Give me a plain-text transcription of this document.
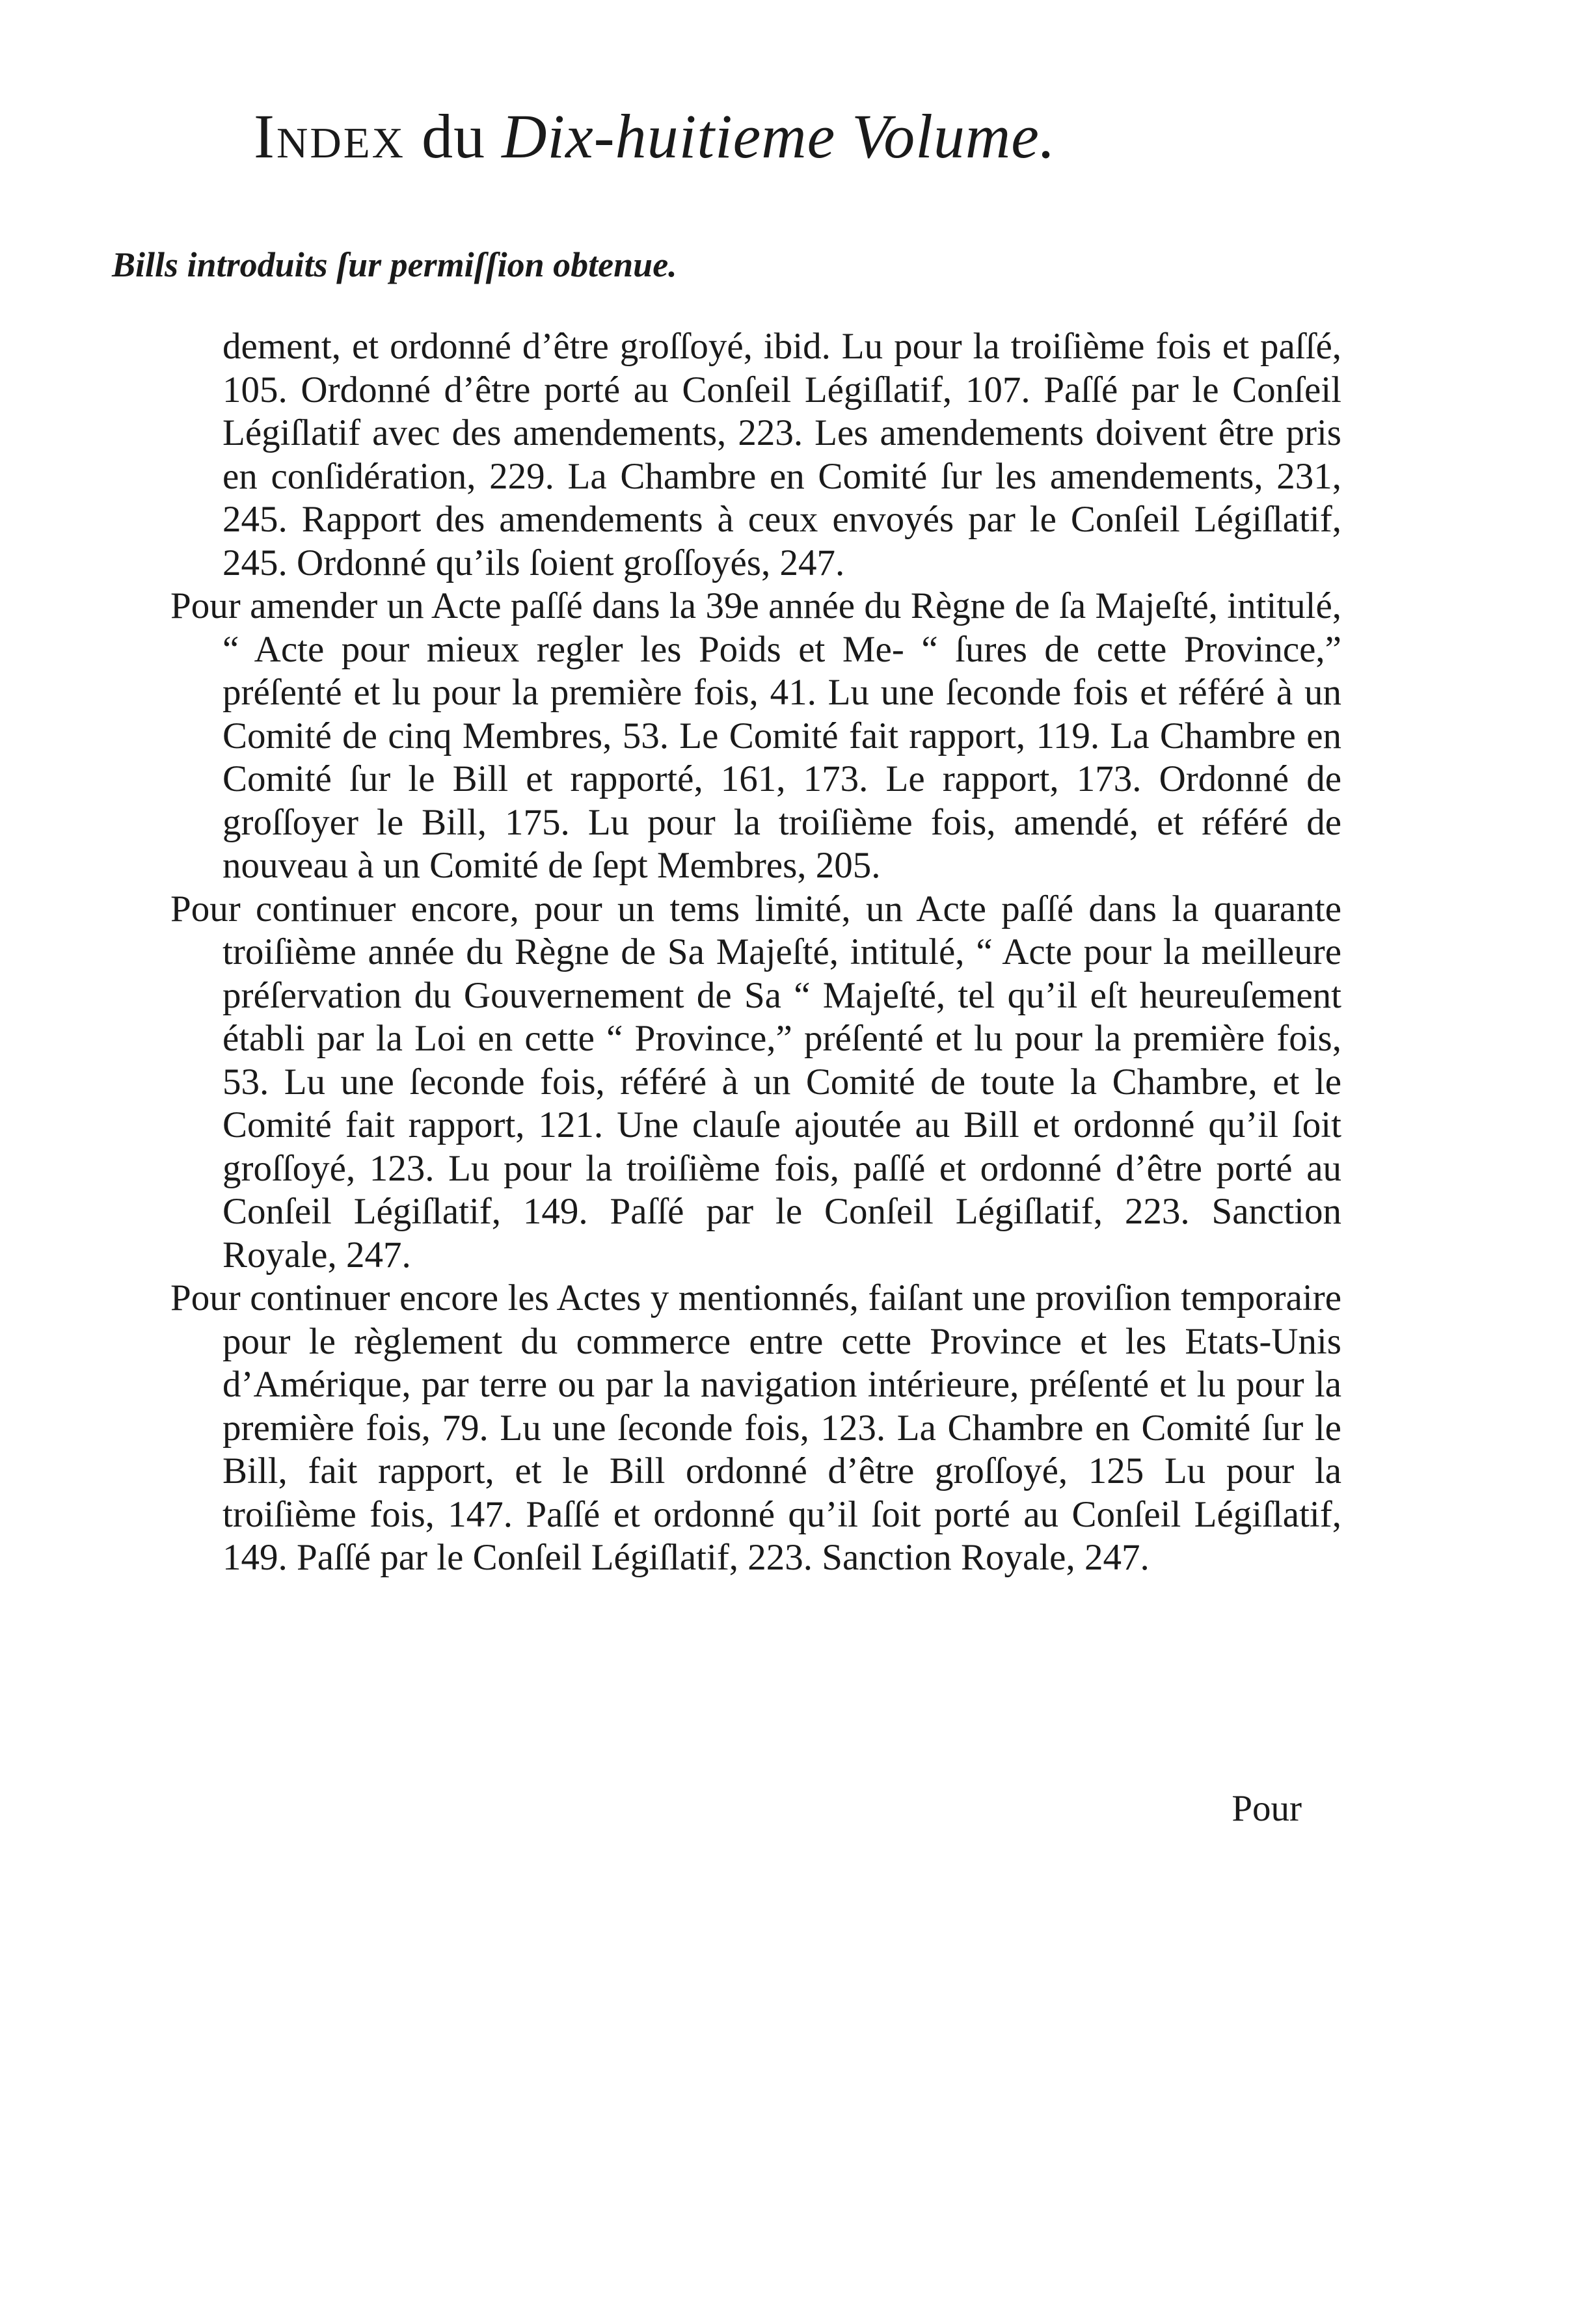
Index du Dix-huitieme Volume.
Bills introduits ſur permiſſion obtenue.

dement, et ordonné d’être groſſoyé, ibid. Lu pour la troiſième fois et paſſé, 105. Ordonné d’être porté au Conſeil Légiſlatif, 107. Paſſé par le Conſeil Légiſlatif avec des amendements, 223. Les amendements doivent être pris en conſidération, 229. La Chambre en Comité ſur les amendements, 231, 245. Rapport des amendements à ceux envoyés par le Conſeil Légiſlatif, 245. Ordonné qu’ils ſoient groſſoyés, 247.

Pour amender un Acte paſſé dans la 39e année du Règne de ſa Majeſté, intitulé, “ Acte pour mieux regler les Poids et Me- “ ſures de cette Province,” préſenté et lu pour la première fois, 41. Lu une ſeconde fois et référé à un Comité de cinq Membres, 53. Le Comité fait rapport, 119. La Chambre en Comité ſur le Bill et rapporté, 161, 173. Le rapport, 173. Ordonné de groſſoyer le Bill, 175. Lu pour la troiſième fois, amendé, et référé de nouveau à un Comité de ſept Membres, 205.

Pour continuer encore, pour un tems limité, un Acte paſſé dans la quarante troiſième année du Règne de Sa Majeſté, intitulé, “ Acte pour la meilleure préſervation du Gouvernement de Sa “ Majeſté, tel qu’il eſt heureuſement établi par la Loi en cette “ Province,” préſenté et lu pour la première fois, 53. Lu une ſeconde fois, référé à un Comité de toute la Chambre, et le Comité fait rapport, 121. Une clauſe ajoutée au Bill et ordonné qu’il ſoit groſſoyé, 123. Lu pour la troiſième fois, paſſé et ordonné d’être porté au Conſeil Légiſlatif, 149. Paſſé par le Conſeil Légiſlatif, 223. Sanction Royale, 247.

Pour continuer encore les Actes y mentionnés, faiſant une proviſion temporaire pour le règlement du commerce entre cette Province et les Etats-Unis d’Amérique, par terre ou par la navigation intérieure, préſenté et lu pour la première fois, 79. Lu une ſeconde fois, 123. La Chambre en Comité ſur le Bill, fait rapport, et le Bill ordonné d’être groſſoyé, 125 Lu pour la troiſième fois, 147. Paſſé et ordonné qu’il ſoit porté au Conſeil Légiſlatif, 149. Paſſé par le Conſeil Légiſlatif, 223. Sanction Royale, 247.

Pour
